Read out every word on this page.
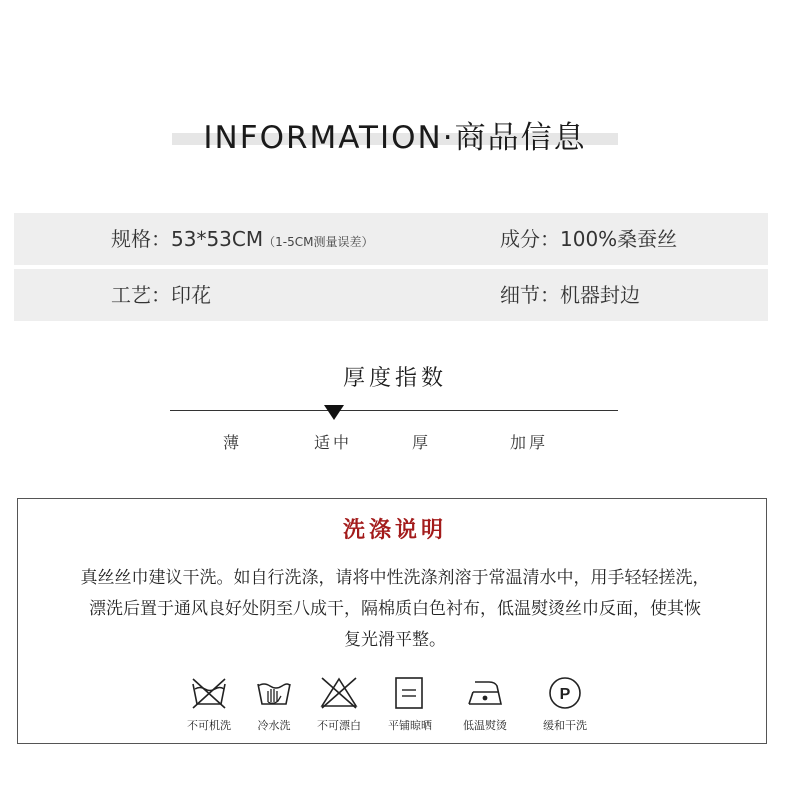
INFORMATION·商品信息
规格：53*53CM（1-5CM测量误差）	成分：100%桑蚕丝
工艺：印花	细节：机器封边
厚度指数
薄	适中	厚	加厚
洗涤说明
真丝丝巾建议干洗。如自行洗涤，请将中性洗涤剂溶于常温清水中，用手轻轻搓洗，
漂洗后置于通风良好处阴至八成干，隔棉质白色衬布，低温熨烫丝巾反面，使其恢
复光滑平整。
不可机洗	冷水洗	不可漂白	平铺晾晒	低温熨烫
P
缓和干洗
